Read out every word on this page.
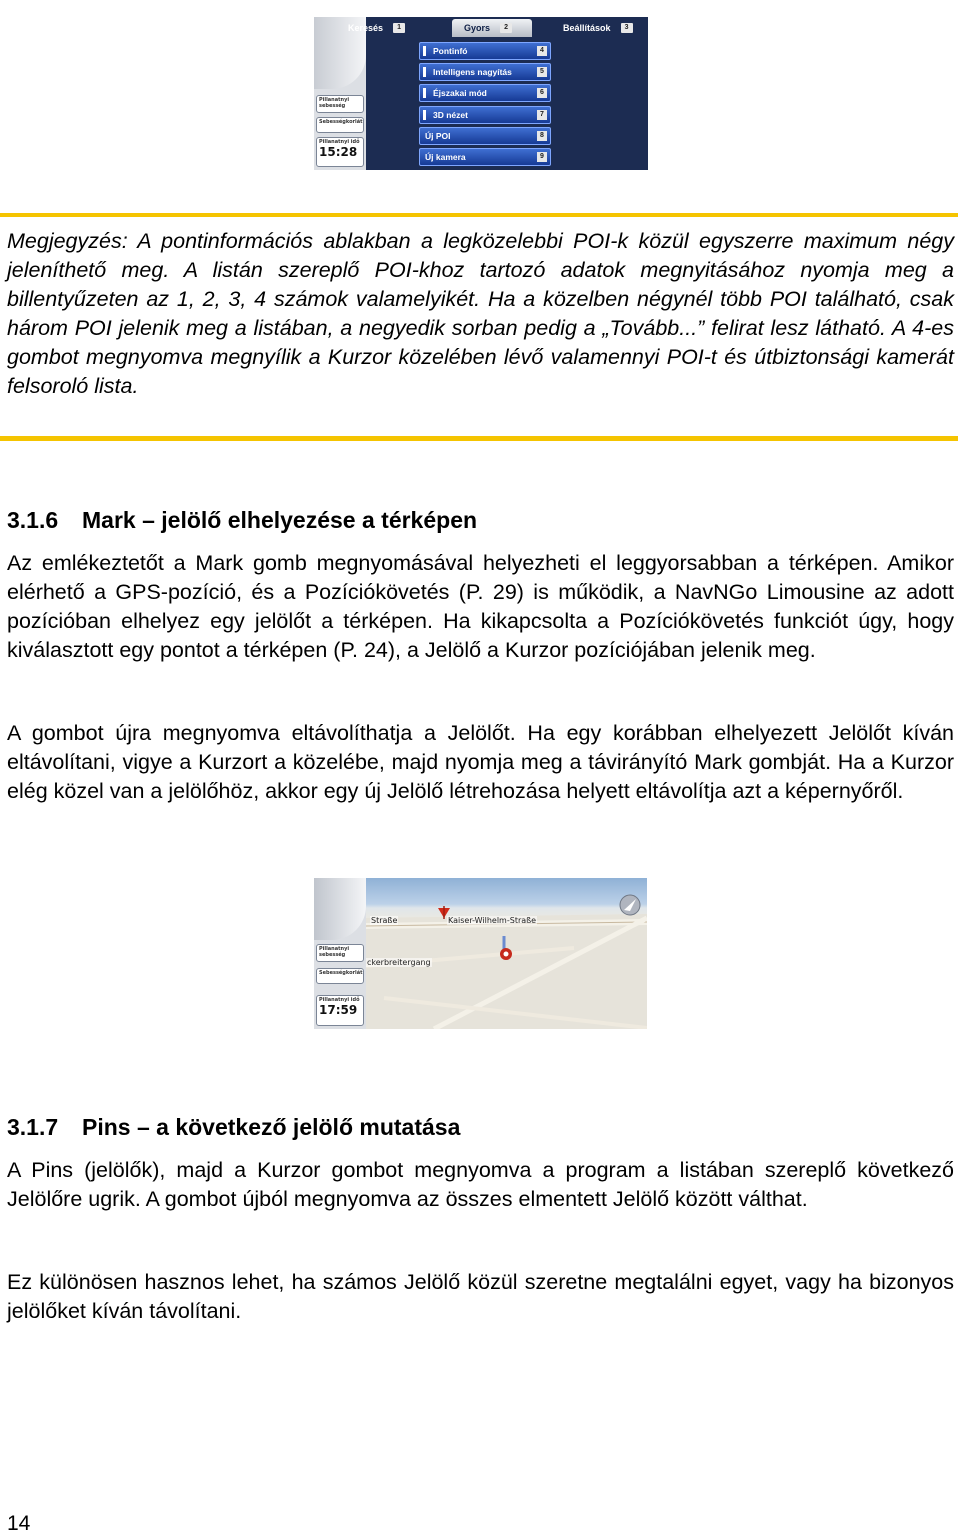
Pillanatnyi sebesség
Sebességkorlát
Pillanatnyi idő
15:28
Keresés	1	Gyors	2	Beállítások	3
Pontinfó	4
Intelligens nagyítás	5
Éjszakai mód	6
3D nézet	7
Új POI	8
Új kamera	9

Megjegyzés: A pontinformációs ablakban a legközelebbi POI-k közül egyszerre maximum négy jeleníthető meg. A listán szereplő POI-khoz tartozó adatok megnyitásához nyomja meg a billentyűzeten az 1, 2, 3, 4 számok valamelyikét. Ha a közelben négynél több POI található, csak három POI jelenik meg a listában, a negyedik sorban pedig a „Tovább...” felirat lesz látható. A 4-es gombot megnyomva megnyílik a Kurzor közelében lévő valamennyi POI-t és útbiztonsági kamerát felsoroló lista.

3.1.6 Mark – jelölő elhelyezése a térképen

Az emlékeztetőt a Mark gomb megnyomásával helyezheti el leggyorsabban a térképen. Amikor elérhető a GPS-pozíció, és a Pozíciókövetés (P. 29) is működik, a NavNGo Limousine az adott pozícióban elhelyez egy jelölőt a térképen. Ha kikapcsolta a Pozíciókövetés funkciót úgy, hogy kiválasztott egy pontot a térképen (P. 24), a Jelölő a Kurzor pozíciójában jelenik meg.

A gombot újra megnyomva eltávolíthatja a Jelölőt. Ha egy korábban elhelyezett Jelölőt kíván eltávolítani, vigye a Kurzort a közelébe, majd nyomja meg a távirányító Mark gombját. Ha a Kurzor elég közel van a jelölőhöz, akkor egy új Jelölő létrehozása helyett eltávolítja azt a képernyőről.

Straße	Kaiser-Wilhelm-Straße
ckerbreitergang
Pillanatnyi sebesség
Sebességkorlát
Pillanatnyi idő
17:59
3.1.7 Pins – a következő jelölő mutatása

A Pins (jelölők), majd a Kurzor gombot megnyomva a program a listában szereplő következő Jelölőre ugrik. A gombot újból megnyomva az összes elmentett Jelölő között válthat.

Ez különösen hasznos lehet, ha számos Jelölő közül szeretne megtalálni egyet, vagy ha bizonyos jelölőket kíván távolítani.

14
